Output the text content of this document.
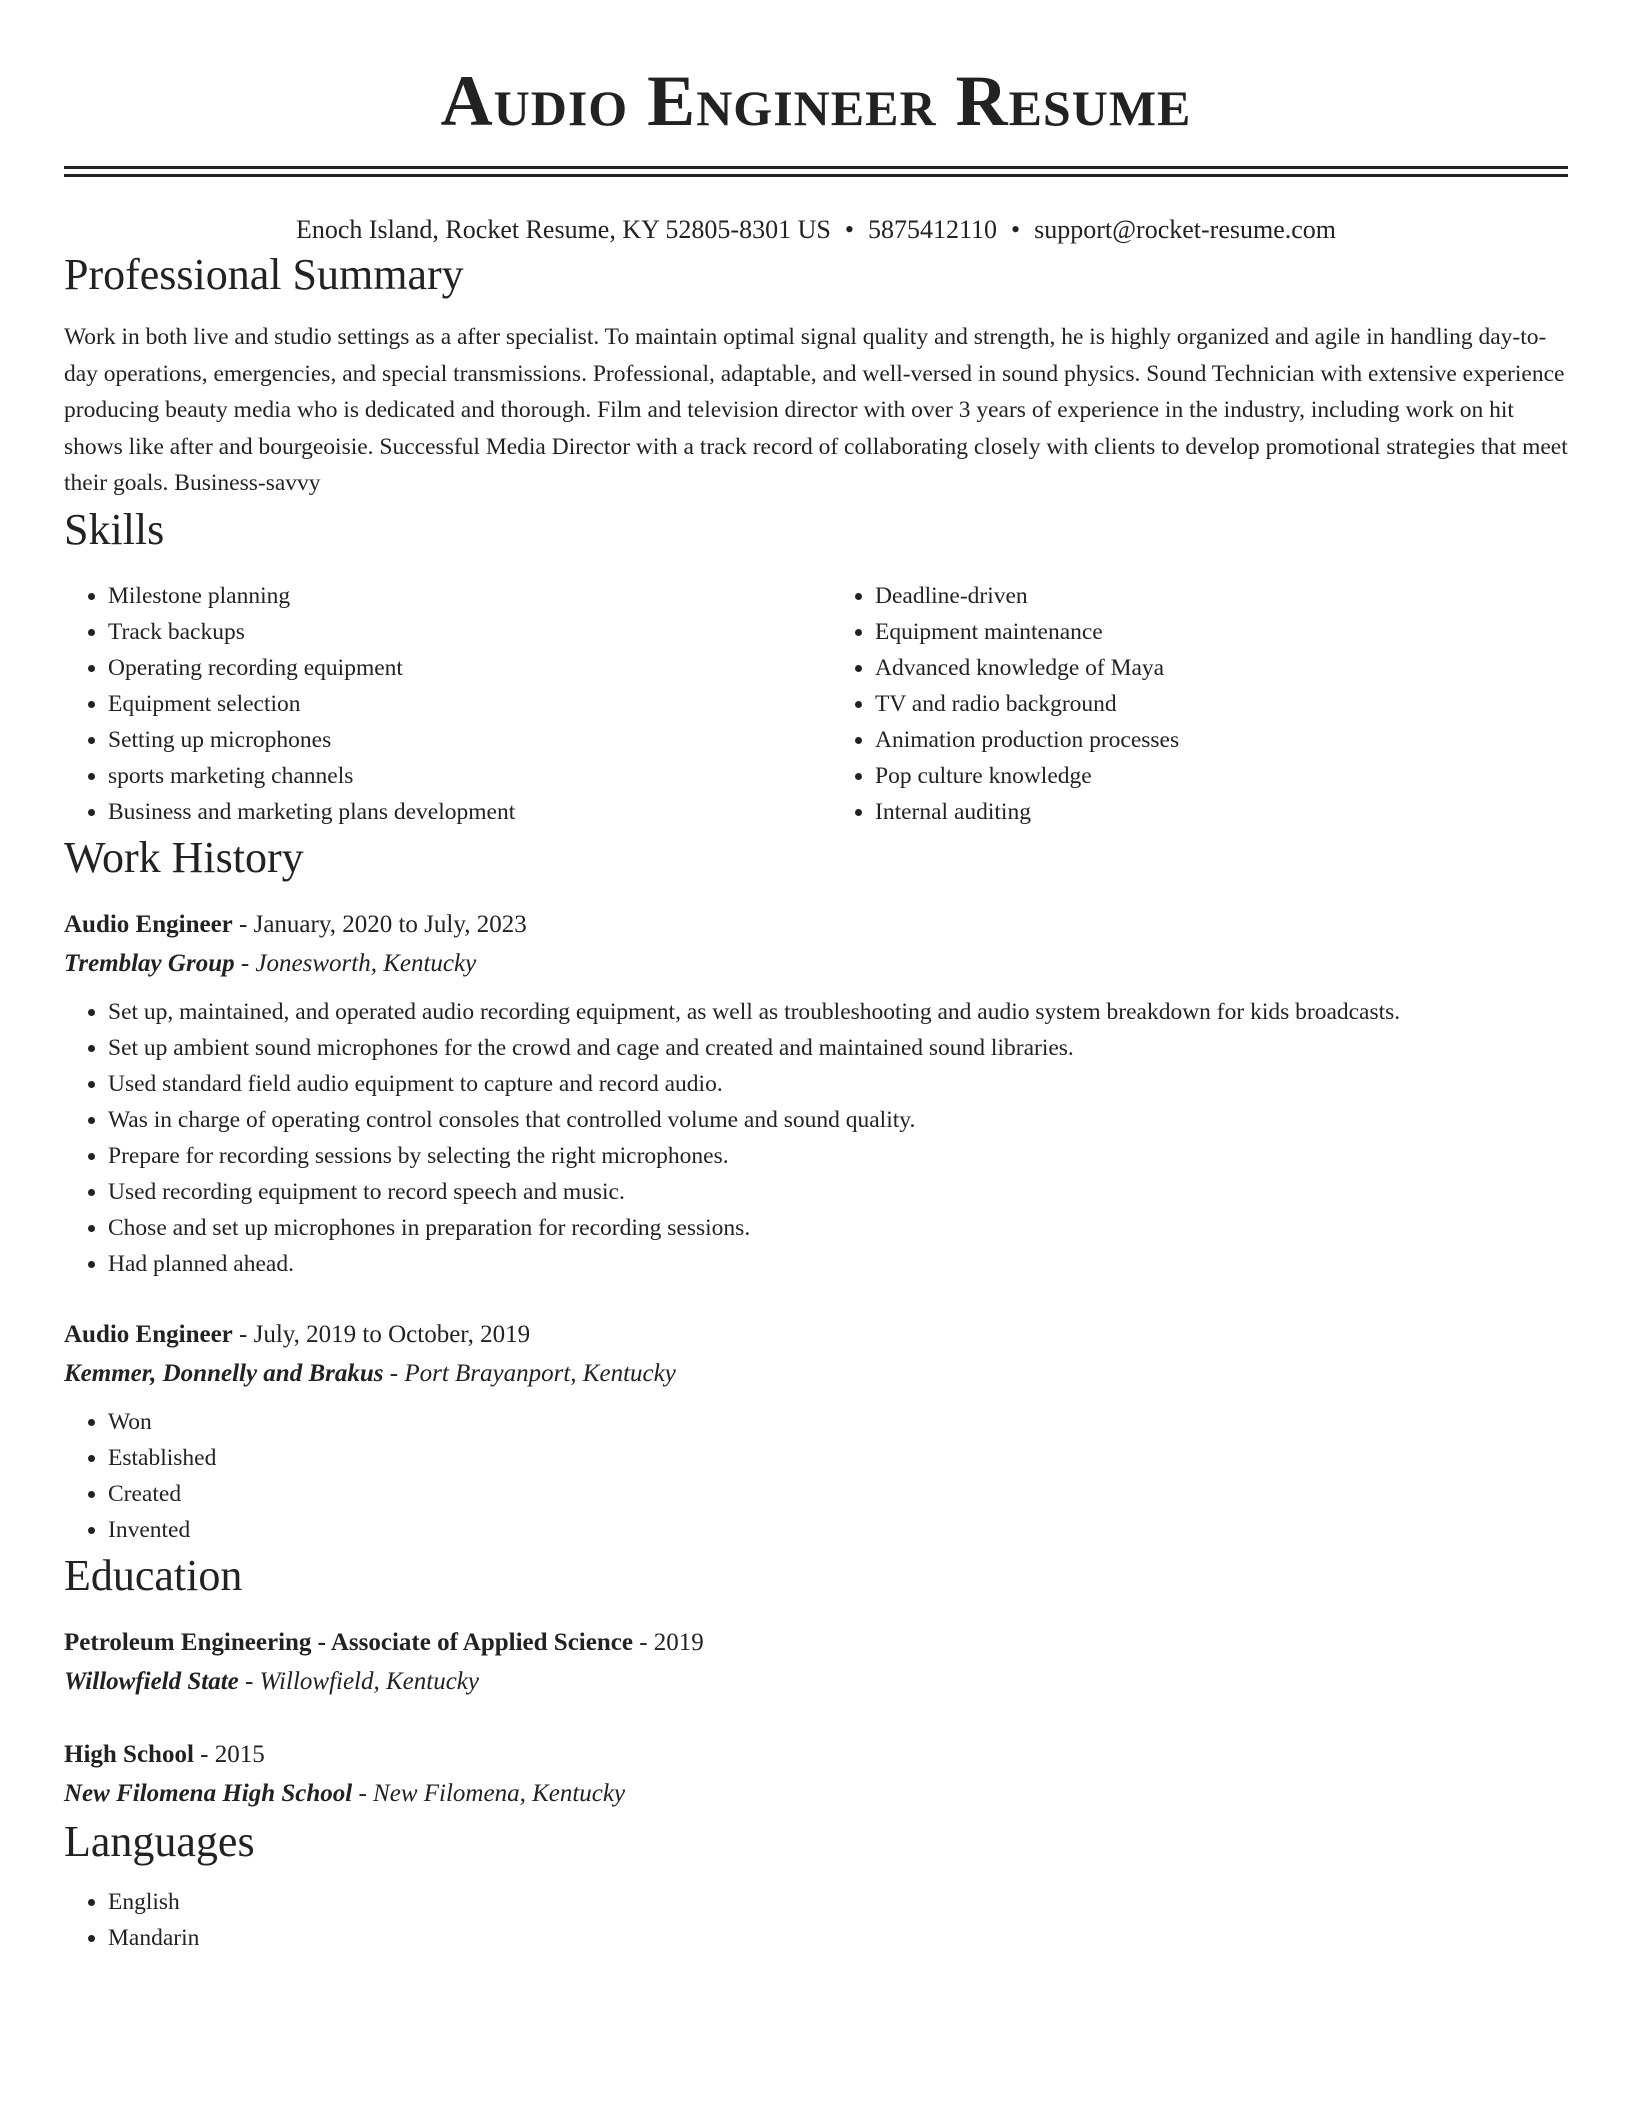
Audio Engineer Resume
Enoch Island, Rocket Resume, KY 52805-8301 US • 5875412110 • support@rocket-resume.com
Professional Summary

Work in both live and studio settings as a after specialist. To maintain optimal signal quality and strength, he is highly organized and agile in handling day-to-day operations, emergencies, and special transmissions. Professional, adaptable, and well-versed in sound physics. Sound Technician with extensive experience producing beauty media who is dedicated and thorough. Film and television director with over 3 years of experience in the industry, including work on hit shows like after and bourgeoisie. Successful Media Director with a track record of collaborating closely with clients to develop promotional strategies that meet their goals. Business-savvy

Skills
• Milestone planning
• Track backups
• Operating recording equipment
• Equipment selection
• Setting up microphones
• sports marketing channels
• Business and marketing plans development
• Deadline-driven
• Equipment maintenance
• Advanced knowledge of Maya
• TV and radio background
• Animation production processes
• Pop culture knowledge
• Internal auditing
Work History
Audio Engineer - January, 2020 to July, 2023
Tremblay Group - Jonesworth, Kentucky
• Set up, maintained, and operated audio recording equipment, as well as troubleshooting and audio system breakdown for kids broadcasts.
• Set up ambient sound microphones for the crowd and cage and created and maintained sound libraries.
• Used standard field audio equipment to capture and record audio.
• Was in charge of operating control consoles that controlled volume and sound quality.
• Prepare for recording sessions by selecting the right microphones.
• Used recording equipment to record speech and music.
• Chose and set up microphones in preparation for recording sessions.
• Had planned ahead.
Audio Engineer - July, 2019 to October, 2019
Kemmer, Donnelly and Brakus - Port Brayanport, Kentucky
• Won
• Established
• Created
• Invented
Education
Petroleum Engineering - Associate of Applied Science - 2019
Willowfield State - Willowfield, Kentucky
High School - 2015
New Filomena High School - New Filomena, Kentucky
Languages
• English
• Mandarin
